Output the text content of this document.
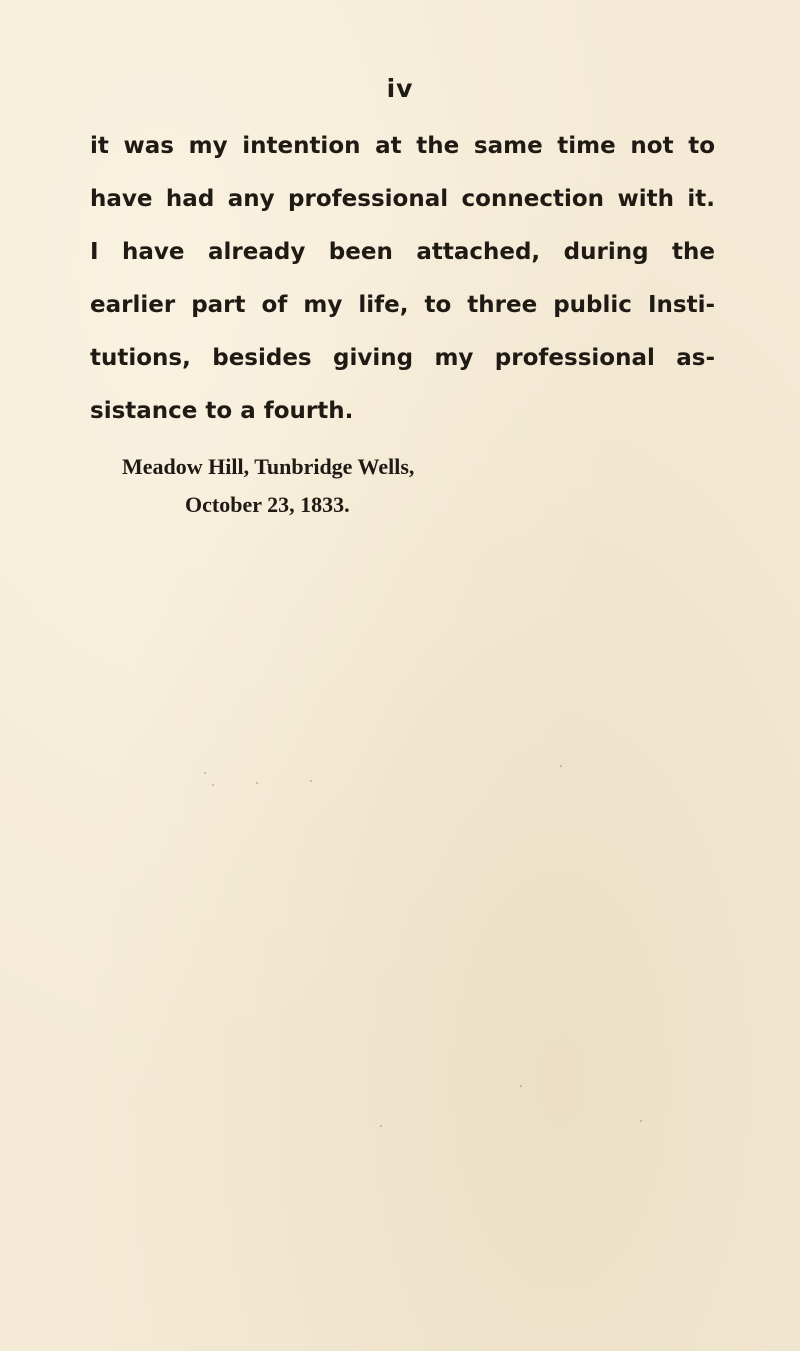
iv
it was my intention at the same time not to
have had any professional connection with it.
I have already been attached, during the
earlier part of my life, to three public Insti-
tutions, besides giving my professional as-
sistance to a fourth.
Meadow Hill, Tunbridge Wells,
October 23, 1833.
